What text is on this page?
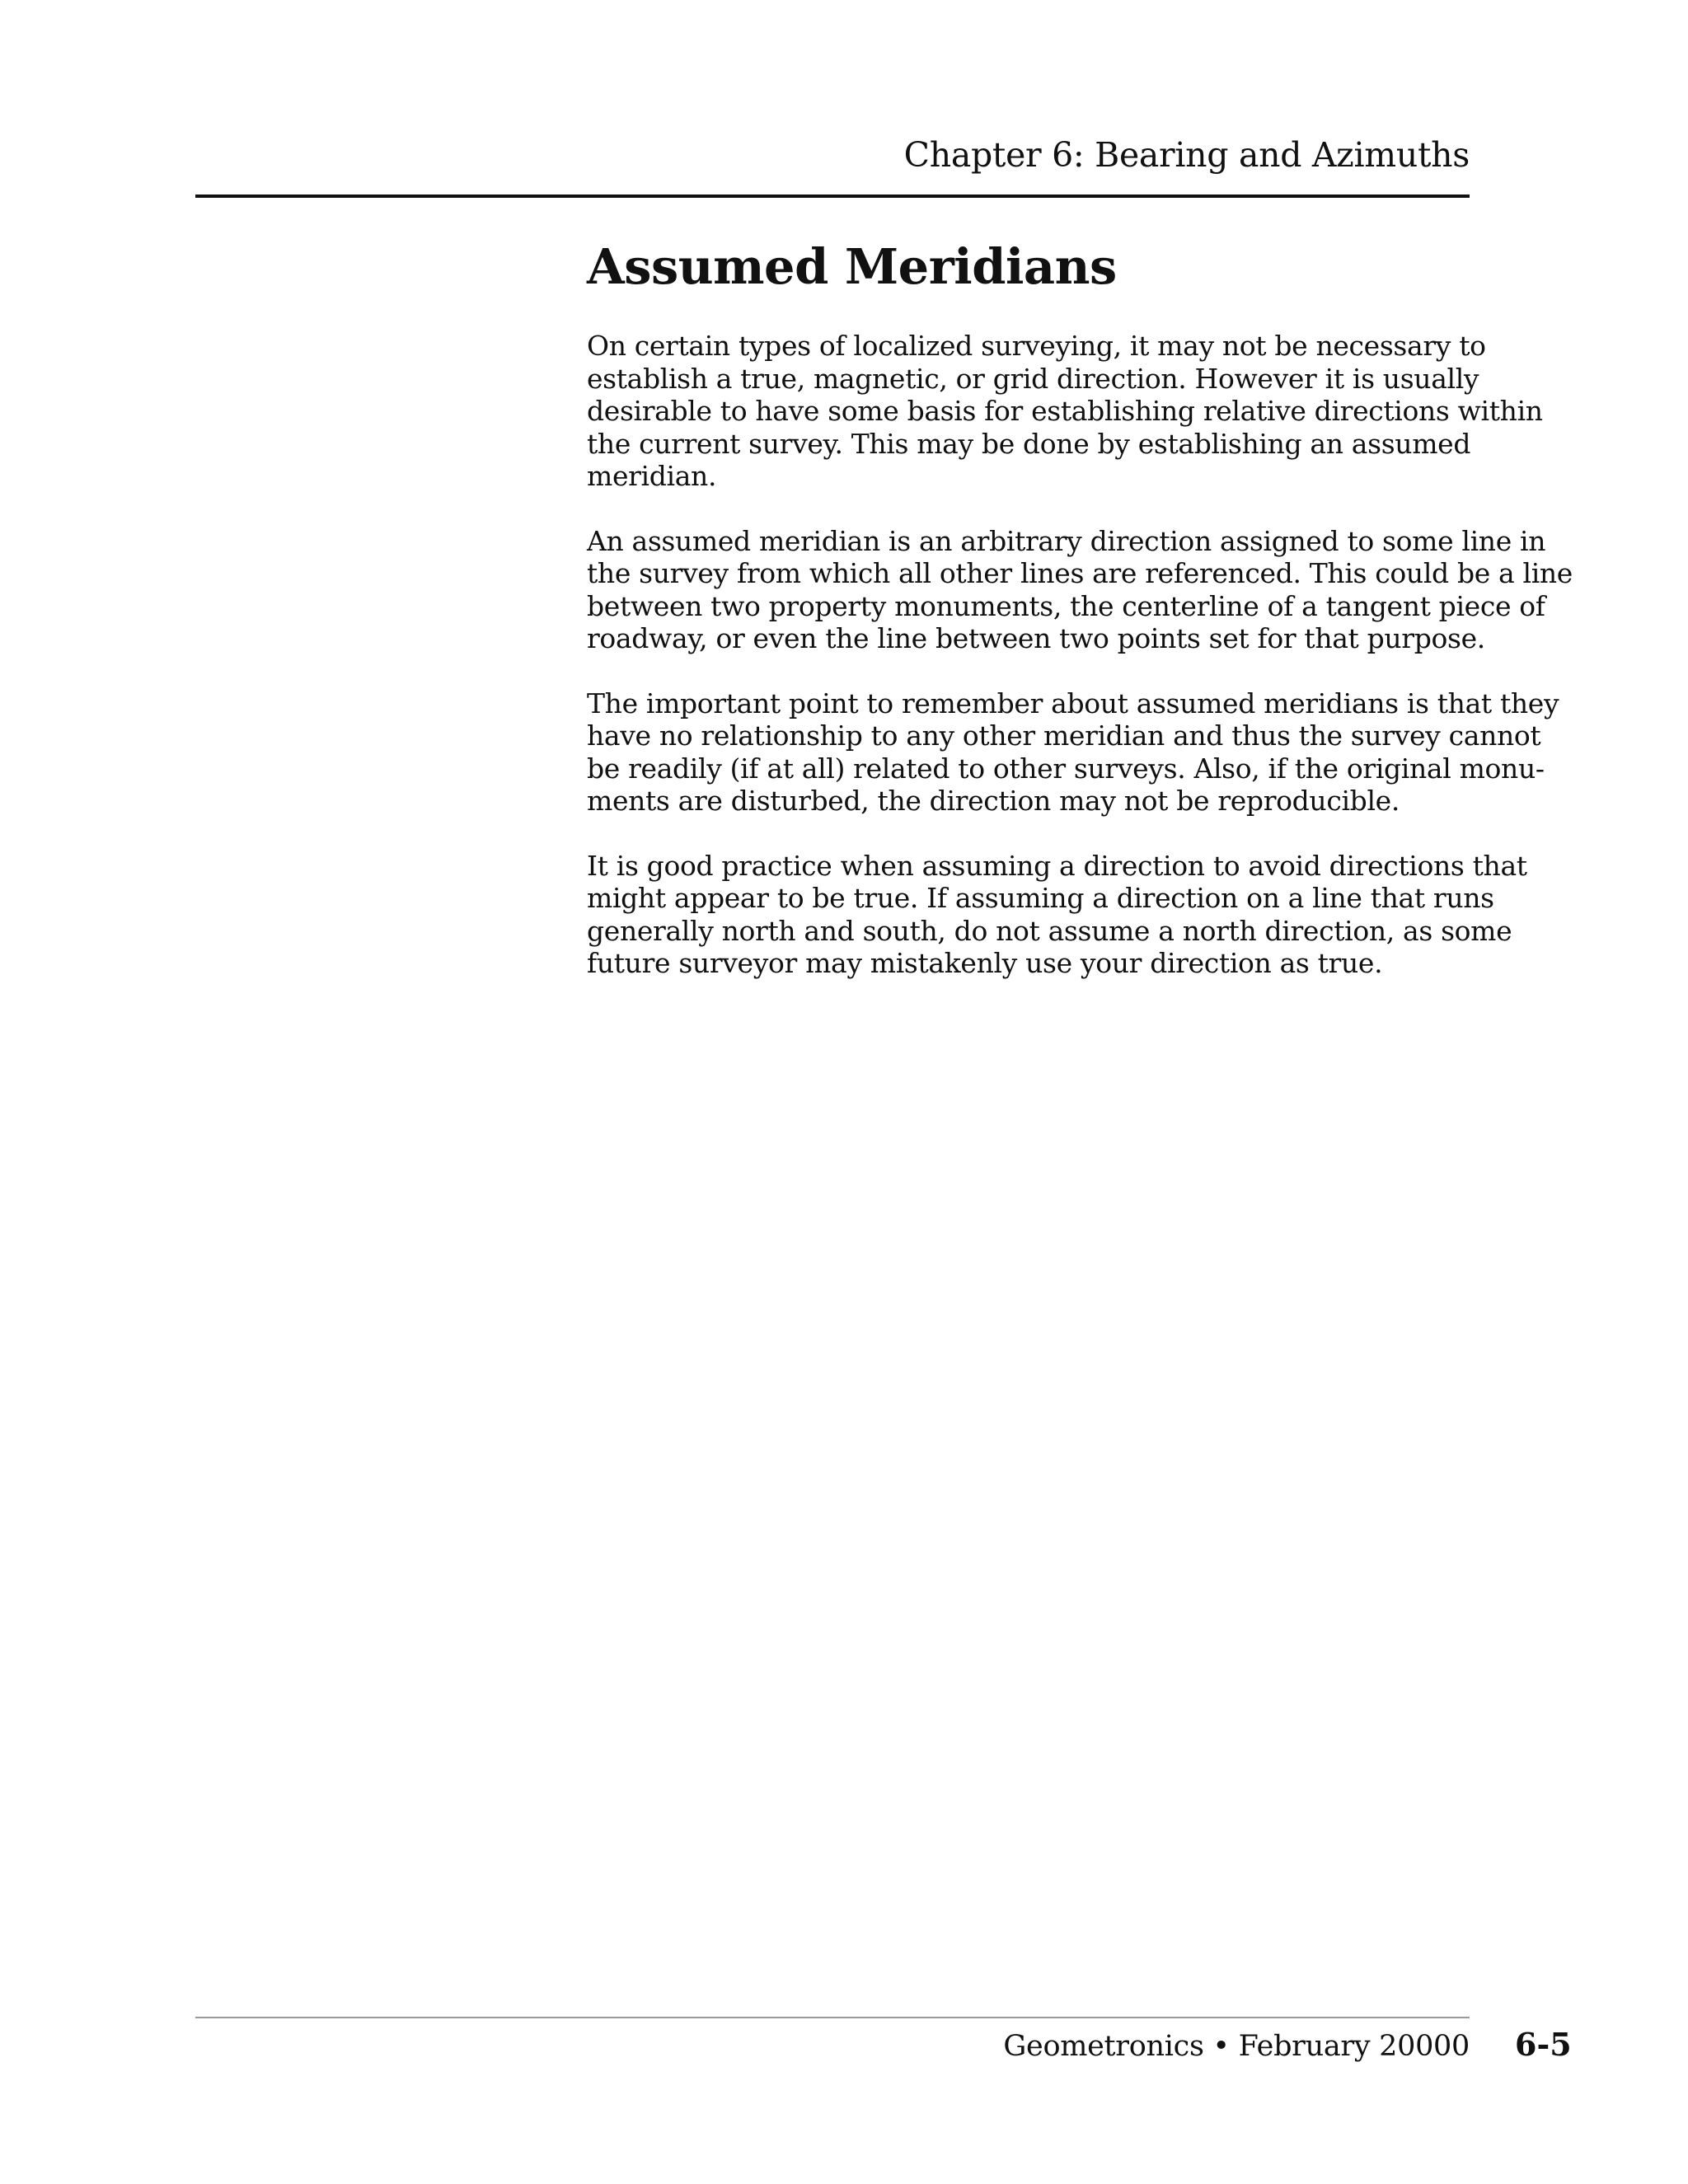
Chapter 6: Bearing and Azimuths
Assumed Meridians

On certain types of localized surveying, it may not be necessary to
establish a true, magnetic, or grid direction. However it is usually
desirable to have some basis for establishing relative directions within
the current survey. This may be done by establishing an assumed
meridian.

An assumed meridian is an arbitrary direction assigned to some line in
the survey from which all other lines are referenced. This could be a line
between two property monuments, the centerline of a tangent piece of
roadway, or even the line between two points set for that purpose.

The important point to remember about assumed meridians is that they
have no relationship to any other meridian and thus the survey cannot
be readily (if at all) related to other surveys. Also, if the original monu-
ments are disturbed, the direction may not be reproducible.

It is good practice when assuming a direction to avoid directions that
might appear to be true. If assuming a direction on a line that runs
generally north and south, do not assume a north direction, as some
future surveyor may mistakenly use your direction as true.

Geometronics • February 20000 6-5
